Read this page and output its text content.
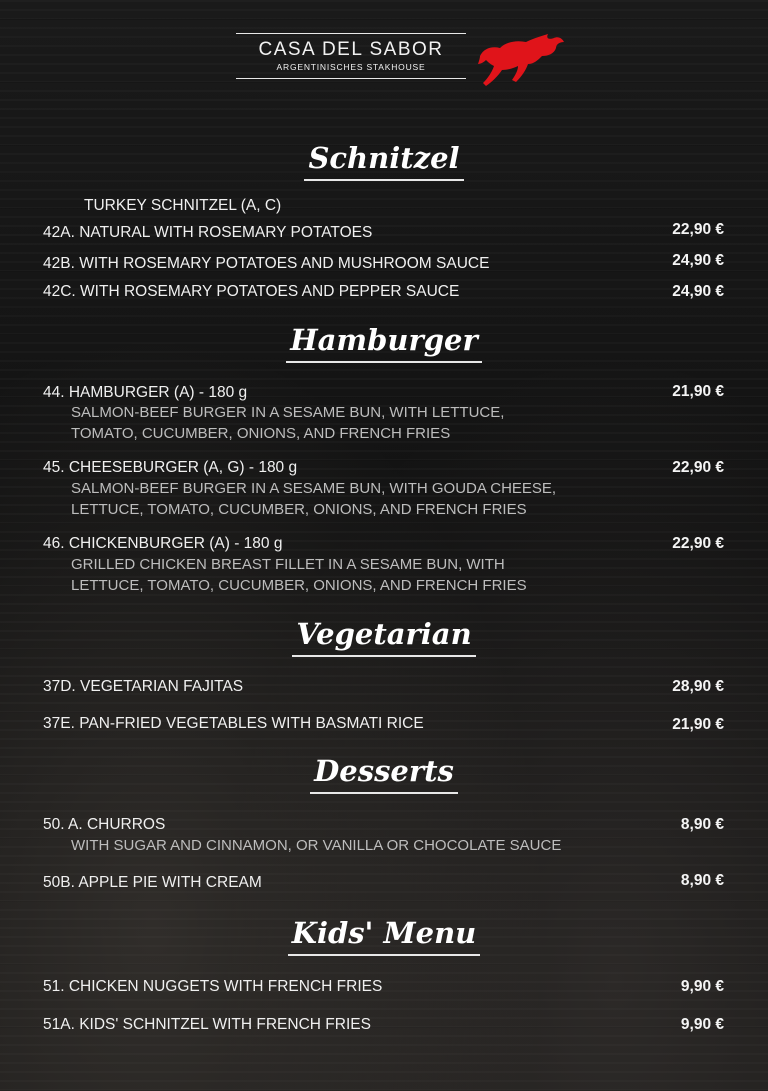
CASA DEL SABOR
ARGENTINISCHES STAKHOUSE
Schnitzel
TURKEY SCHNITZEL (A, C)
42A. NATURAL WITH ROSEMARY POTATOES	22,90 €
42B. WITH ROSEMARY POTATOES AND MUSHROOM SAUCE	24,90 €
42C. WITH ROSEMARY POTATOES AND PEPPER SAUCE	24,90 €
Hamburger
44. HAMBURGER (A) - 180 g	21,90 €
SALMON-BEEF BURGER IN A SESAME BUN, WITH LETTUCE,
TOMATO, CUCUMBER, ONIONS, AND FRENCH FRIES
45. CHEESEBURGER (A, G) - 180 g	22,90 €
SALMON-BEEF BURGER IN A SESAME BUN, WITH GOUDA CHEESE,
LETTUCE, TOMATO, CUCUMBER, ONIONS, AND FRENCH FRIES
46. CHICKENBURGER (A) - 180 g	22,90 €
GRILLED CHICKEN BREAST FILLET IN A SESAME BUN, WITH
LETTUCE, TOMATO, CUCUMBER, ONIONS, AND FRENCH FRIES
Vegetarian
37D. VEGETARIAN FAJITAS	28,90 €
37E. PAN-FRIED VEGETABLES WITH BASMATI RICE	21,90 €
Desserts
50. A. CHURROS	8,90 €
WITH SUGAR AND CINNAMON, OR VANILLA OR CHOCOLATE SAUCE
50B. APPLE PIE WITH CREAM	8,90 €
Kids' Menu
51. CHICKEN NUGGETS WITH FRENCH FRIES	9,90 €
51A. KIDS' SCHNITZEL WITH FRENCH FRIES	9,90 €
